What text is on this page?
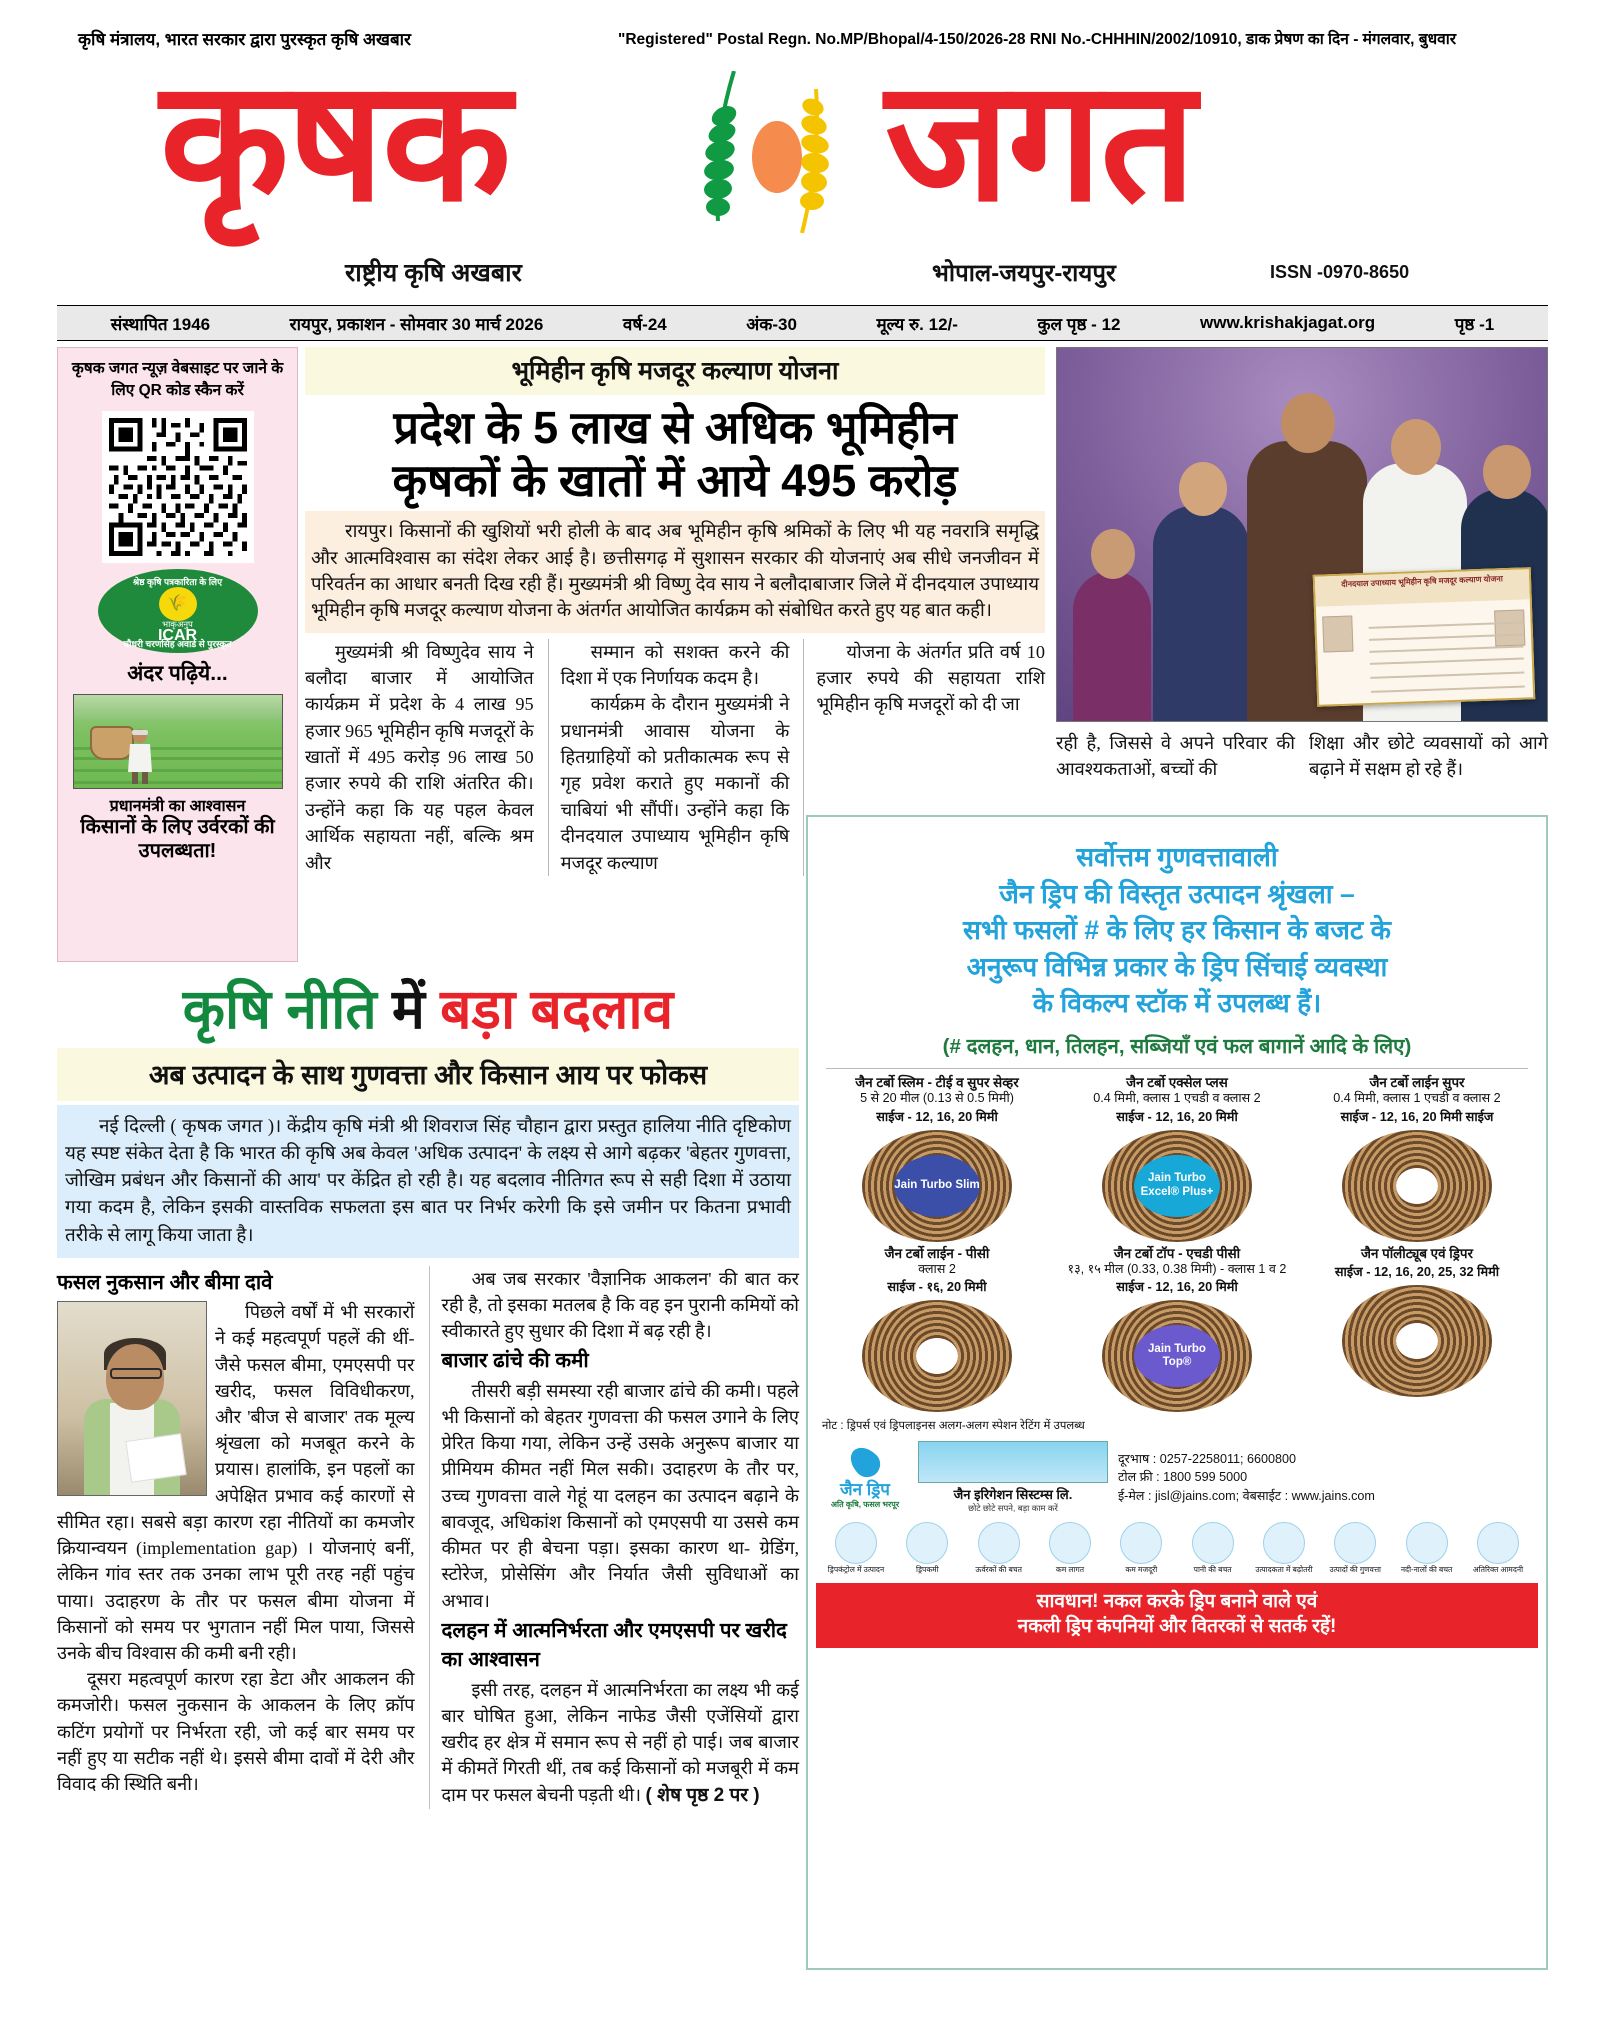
कृषि मंत्रालय, भारत सरकार द्वारा पुरस्कृत कृषि अखबार	"Registered" Postal Regn. No.MP/Bhopal/4-150/2026-28 RNI No.-CHHHIN/2002/10910, डाक प्रेषण का दिन - मंगलवार, बुधवार
कृषक जगत
राष्ट्रीय कृषि अखबार	भोपाल-जयपुर-रायपुर	ISSN -0970-8650
संस्थापित 1946	रायपुर, प्रकाशन - सोमवार 30 मार्च 2026	वर्ष-24	अंक-30	मूल्य रु. 12/-	कुल पृष्ठ - 12	www.krishakjagat.org	पृष्ठ -1
कृषक जगत न्यूज़ वेबसाइट पर जाने के लिए QR कोड स्कैन करें
श्रेष्ठ कृषि पत्रकारिता के लिए
🌾
भाकृअनुप
ICAR
चौधरी चरणसिंह अवार्ड से पुरस्कृत
अंदर पढ़िये...
प्रधानमंत्री का आश्वासन
किसानों के लिए उर्वरकों की उपलब्धता!
भूमिहीन कृषि मजदूर कल्याण योजना
प्रदेश के 5 लाख से अधिक भूमिहीन
कृषकों के खातों में आये 495 करोड़
रायपुर। किसानों की खुशियों भरी होली के बाद अब भूमिहीन कृषि श्रमिकों के लिए भी यह नवरात्रि समृद्धि और आत्मविश्वास का संदेश लेकर आई है। छत्तीसगढ़ में सुशासन सरकार की योजनाएं अब सीधे जनजीवन में परिवर्तन का आधार बनती दिख रही हैं। मुख्यमंत्री श्री विष्णु देव साय ने बलौदाबाजार जिले में दीनदयाल उपाध्याय भूमिहीन कृषि मजदूर कल्याण योजना के अंतर्गत आयोजित कार्यक्रम को संबोधित करते हुए यह बात कही।

मुख्यमंत्री श्री विष्णुदेव साय ने बलौदा बाजार में आयोजित कार्यक्रम में प्रदेश के 4 लाख 95 हजार 965 भूमिहीन कृषि मजदूरों के खातों में 495 करोड़ 96 लाख 50 हजार रुपये की राशि अंतरित की। उन्होंने कहा कि यह पहल केवल आर्थिक सहायता नहीं, बल्कि श्रम और

सम्मान को सशक्त करने की दिशा में एक निर्णायक कदम है।

कार्यक्रम के दौरान मुख्यमंत्री ने प्रधानमंत्री आवास योजना के हितग्राहियों को प्रतीकात्मक रूप से गृह प्रवेश कराते हुए मकानों की चाबियां भी सौंपीं। उन्होंने कहा कि दीनदयाल उपाध्याय भूमिहीन कृषि मजदूर कल्याण

योजना के अंतर्गत प्रति वर्ष 10 हजार रुपये की सहायता राशि भूमिहीन कृषि मजदूरों को दी जा

दीनदयाल उपाध्याय भूमिहीन कृषि मजदूर कल्याण योजना
रही है, जिससे वे अपने परिवार की आवश्यकताओं, बच्चों की
शिक्षा और छोटे व्यवसायों को आगे बढ़ाने में सक्षम हो रहे हैं।
कृषि नीति में बड़ा बदलाव
अब उत्पादन के साथ गुणवत्ता और किसान आय पर फोकस
नई दिल्ली ( कृषक जगत )। केंद्रीय कृषि मंत्री श्री शिवराज सिंह चौहान द्वारा प्रस्तुत हालिया नीति दृष्टिकोण यह स्पष्ट संकेत देता है कि भारत की कृषि अब केवल 'अधिक उत्पादन' के लक्ष्य से आगे बढ़कर 'बेहतर गुणवत्ता, जोखिम प्रबंधन और किसानों की आय' पर केंद्रित हो रही है। यह बदलाव नीतिगत रूप से सही दिशा में उठाया गया कदम है, लेकिन इसकी वास्तविक सफलता इस बात पर निर्भर करेगी कि इसे जमीन पर कितना प्रभावी तरीके से लागू किया जाता है।
फसल नुकसान और बीमा दावे

पिछले वर्षों में भी सरकारों ने कई महत्वपूर्ण पहलें की थीं-जैसे फसल बीमा, एमएसपी पर खरीद, फसल विविधीकरण, और 'बीज से बाजार' तक मूल्य श्रृंखला को मजबूत करने के प्रयास। हालांकि, इन पहलों का अपेक्षित प्रभाव कई कारणों से सीमित रहा। सबसे बड़ा कारण रहा नीतियों का कमजोर क्रियान्वयन (implementation gap) । योजनाएं बनीं, लेकिन गांव स्तर तक उनका लाभ पूरी तरह नहीं पहुंच पाया। उदाहरण के तौर पर फसल बीमा योजना में किसानों को समय पर भुगतान नहीं मिल पाया, जिससे उनके बीच विश्वास की कमी बनी रही।

दूसरा महत्वपूर्ण कारण रहा डेटा और आकलन की कमजोरी। फसल नुकसान के आकलन के लिए क्रॉप कटिंग प्रयोगों पर निर्भरता रही, जो कई बार समय पर नहीं हुए या सटीक नहीं थे। इससे बीमा दावों में देरी और विवाद की स्थिति बनी।

अब जब सरकार 'वैज्ञानिक आकलन' की बात कर रही है, तो इसका मतलब है कि वह इन पुरानी कमियों को स्वीकारते हुए सुधार की दिशा में बढ़ रही है।

बाजार ढांचे की कमी

तीसरी बड़ी समस्या रही बाजार ढांचे की कमी। पहले भी किसानों को बेहतर गुणवत्ता की फसल उगाने के लिए प्रेरित किया गया, लेकिन उन्हें उसके अनुरूप बाजार या प्रीमियम कीमत नहीं मिल सकी। उदाहरण के तौर पर, उच्च गुणवत्ता वाले गेहूं या दलहन का उत्पादन बढ़ाने के बावजूद, अधिकांश किसानों को एमएसपी या उससे कम कीमत पर ही बेचना पड़ा। इसका कारण था- ग्रेडिंग, स्टोरेज, प्रोसेसिंग और निर्यात जैसी सुविधाओं का अभाव।

दलहन में आत्मनिर्भरता और एमएसपी पर खरीद का आश्वासन

इसी तरह, दलहन में आत्मनिर्भरता का लक्ष्य भी कई बार घोषित हुआ, लेकिन नाफेड जैसी एजेंसियों द्वारा खरीद हर क्षेत्र में समान रूप से नहीं हो पाई। जब बाजार में कीमतें गिरती थीं, तब कई किसानों को मजबूरी में कम दाम पर फसल बेचनी पड़ती थी। ( शेष पृष्ठ 2 पर )

सर्वोत्तम गुणवत्तावाली
जैन ड्रिप की विस्तृत उत्पादन श्रृंखला –
सभी फसलों # के लिए हर किसान के बजट के
अनुरूप विभिन्न प्रकार के ड्रिप सिंचाई व्यवस्था
के विकल्प स्टॉक में उपलब्ध हैं।
(# दलहन, धान, तिलहन, सब्जियाँ एवं फल बागानें आदि के लिए)
जैन टर्बो स्लिम - टीई व सुपर सेव्हर
5 से 20 मील (0.13 से 0.5 मिमी)
साईज - 12, 16, 20 मिमी
Jain Turbo Slim
जैन टर्बो एक्सेल प्लस
0.4 मिमी, क्लास 1 एचडी व क्लास 2
साईज - 12, 16, 20 मिमी
Jain Turbo Excel® Plus+
जैन टर्बो लाईन सुपर
0.4 मिमी, क्लास 1 एचडी व क्लास 2
साईज - 12, 16, 20 मिमी साईज
जैन टर्बो लाईन - पीसी
क्लास 2
साईज - १६, 20 मिमी
जैन टर्बो टॉप - एचडी पीसी
१३, १५ मील (0.33, 0.38 मिमी) - क्लास 1 व 2
साईज - 12, 16, 20 मिमी
Jain Turbo Top®
जैन पॉलीट्यूब एवं ड्रिपर
साईज - 12, 16, 20, 25, 32 मिमी
नोट : ड्रिपर्स एवं ड्रिपलाइनस अलग-अलग स्पेशन रेटिंग में उपलब्ध
जैन ड्रिप
अति कृषि, फसल भरपूर
जैन इरिगेशन सिस्टम्स लि.
छोटे छोटे सपने, बड़ा काम करें
दूरभाष : 0257-2258011; 6600800
टोल फ्री : 1800 599 5000
ई-मेल : jisl@jains.com; वेबसाईट : www.jains.com
ड्रिपकंट्रोल में उत्पादन	ड्रिपकमी	ऊर्वरकों की बचत	कम लागत	कम मजदूरी	पानी की बचत	उत्पादकता में बढ़ोतरी	उत्पादों की गुणवत्ता	नदी-नालों की बचत	अतिरिक्त आमदनी
सावधान! नकल करके ड्रिप बनाने वाले एवं
नकली ड्रिप कंपनियों और वितरकों से सतर्क रहें!
